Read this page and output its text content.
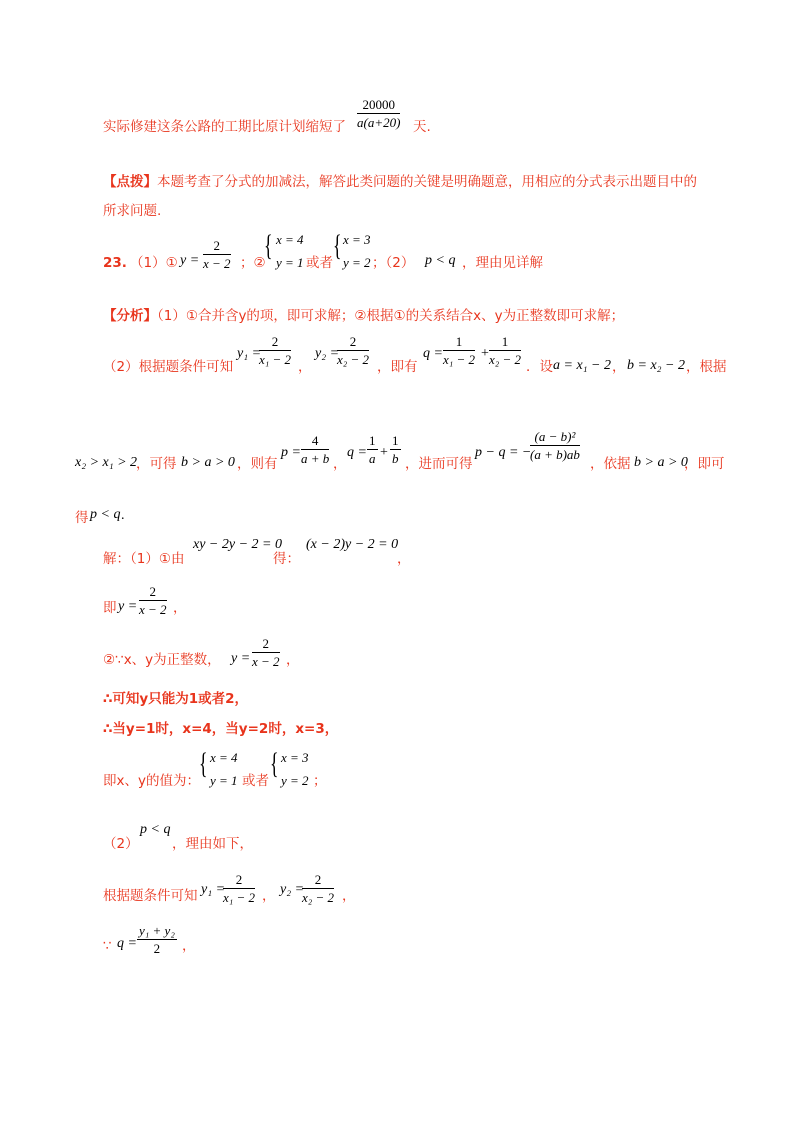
实际修建这条公路的工期比原计划缩短了 $\frac{20000}{a(a+20)}$ 天.
【点拨】本题考查了分式的加减法，解答此类问题的关键是明确题意，用相应的分式表示出题目中的
所求问题.
23. （1）① $y = \frac{2}{x - 2}$ ；②
{ x = 4
y = 1 或者
{ x = 3
y = 2 ；（2） p < q ，理由见详解
【分析】（1）①合并含y的项，即可求解；②根据①的关系结合x、y为正整数即可求解；
（2）根据题条件可知
y₁ =
$\frac{2}{\text{x₁ − 2}}$
，
y₂ =
$\frac{2}{\text{x₂ − 2}}$
，即有
$q = \frac{1}{\text{x₁ − 2}} + \frac{1}{\text{x₂ − 2}}$
．设 a = x₁ − 2 ， b = x₂ − 2 ，根据
x₂ > x₁ > 2
，可得 b > a > 0 ，则有
$p = \frac{4}{a + b}$ ，
$q = \frac{1}{a} + \frac{1}{b}$ ，进而可得
p − q = −
$\frac{\text{(a − b)²}}{(a + b)ab}$
，依据 b > a > 0
，即可
得 p < q .
解：（1）①由
xy − 2y − 2 = 0
得：
(x − 2)y − 2 = 0
，
即 $y = \frac{2}{x - 2}$ ，
②∵x、y为正整数， $y = \frac{2}{x - 2}$ ，
∴可知y只能为1或者2，
∴当y=1时，x=4，当y=2时，x=3，
即x、y的值为：
{ x = 4
y = 1 或者
{ x = 3
y = 2 ；
（2）
p < q
，理由如下，
根据题条件可知 y₁ =
$\frac{2}{\text{x₁ − 2}}$ ， y₂ =
$\frac{2}{\text{x₂ − 2}}$ ，
∵ $q = \frac{\text{y₁ + y₂}}{2}$ ，
